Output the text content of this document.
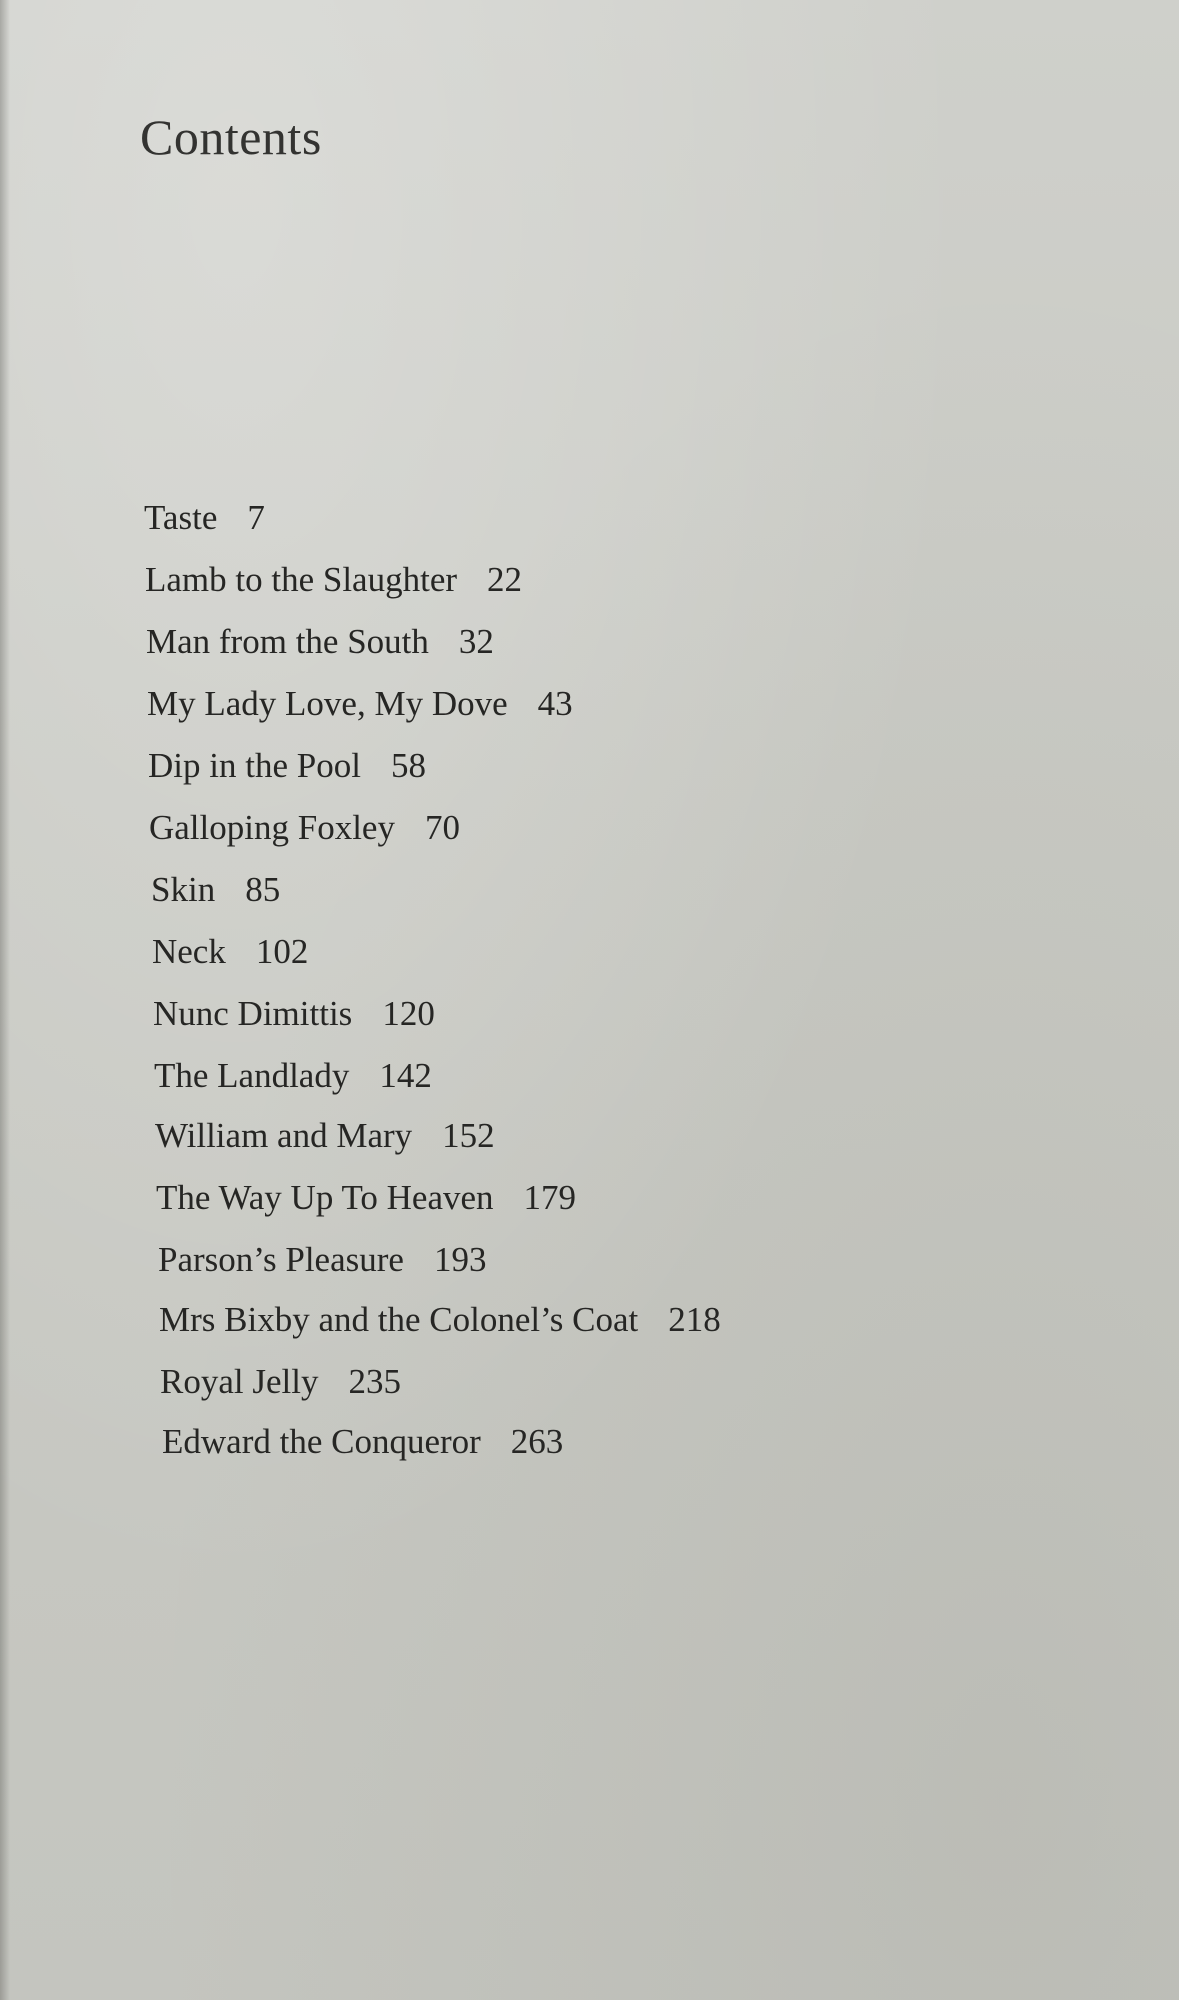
Contents
Taste 7
Lamb to the Slaughter 22
Man from the South 32
My Lady Love, My Dove 43
Dip in the Pool 58
Galloping Foxley 70
Skin 85
Neck 102
Nunc Dimittis 120
The Landlady 142
William and Mary 152
The Way Up To Heaven 179
Parson’s Pleasure 193
Mrs Bixby and the Colonel’s Coat 218
Royal Jelly 235
Edward the Conqueror 263
